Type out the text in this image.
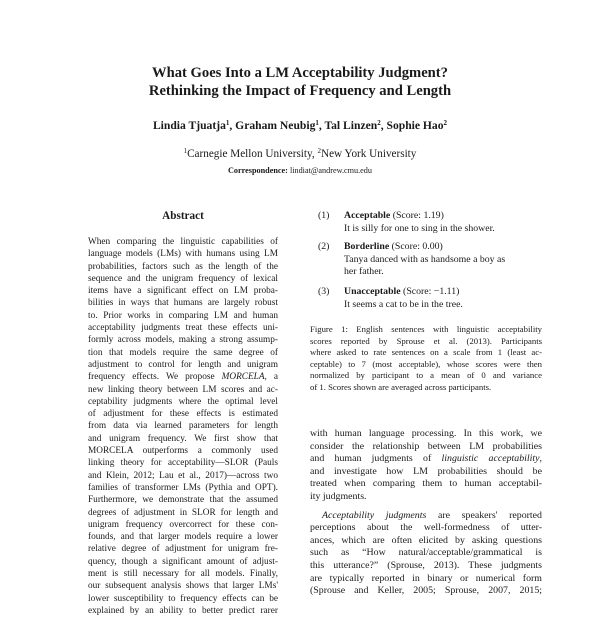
What Goes Into a LM Acceptability Judgment?
Rethinking the Impact of Frequency and Length
Lindia Tjuatja$^1$, Graham Neubig$^1$, Tal Linzen$^2$, Sophie Hao$^2$
$^1$Carnegie Mellon University, $^2$New York University
Correspondence: lindiat@andrew.cmu.edu
Abstract
When comparing the linguistic capabilities of
language models (LMs) with humans using LM
probabilities, factors such as the length of the
sequence and the unigram frequency of lexical
items have a significant effect on LM proba-
bilities in ways that humans are largely robust
to. Prior works in comparing LM and human
acceptability judgments treat these effects uni-
formly across models, making a strong assump-
tion that models require the same degree of
adjustment to control for length and unigram
frequency effects. We propose MORCELA, a
new linking theory between LM scores and ac-
ceptability judgments where the optimal level
of adjustment for these effects is estimated
from data via learned parameters for length
and unigram frequency. We first show that
MORCELA outperforms a commonly used
linking theory for acceptability—SLOR (Pauls
and Klein, 2012; Lau et al., 2017)—across two
families of transformer LMs (Pythia and OPT).
Furthermore, we demonstrate that the assumed
degrees of adjustment in SLOR for length and
unigram frequency overcorrect for these con-
founds, and that larger models require a lower
relative degree of adjustment for unigram fre-
quency, though a significant amount of adjust-
ment is still necessary for all models. Finally,
our subsequent analysis shows that larger LMs'
lower susceptibility to frequency effects can be
explained by an ability to better predict rarer
(1) Acceptable (Score: 1.19)
It is silly for one to sing in the shower.
(2) Borderline (Score: 0.00)
Tanya danced with as handsome a boy as
her father.
(3) Unacceptable (Score: −1.11)
It seems a cat to be in the tree.
Figure 1: English sentences with linguistic acceptability
scores reported by Sprouse et al. (2013). Participants
where asked to rate sentences on a scale from 1 (least ac-
ceptable) to 7 (most acceptable), whose scores were then
normalized by participant to a mean of 0 and variance
of 1. Scores shown are averaged across participants.
with human language processing. In this work, we
consider the relationship between LM probabilities
and human judgments of linguistic acceptability,
and investigate how LM probabilities should be
treated when comparing them to human acceptabil-
ity judgments.
Acceptability judgments are speakers' reported
perceptions about the well-formedness of utter-
ances, which are often elicited by asking questions
such as “How natural/acceptable/grammatical is
this utterance?” (Sprouse, 2013). These judgments
are typically reported in binary or numerical form
(Sprouse and Keller, 2005; Sprouse, 2007, 2015;
